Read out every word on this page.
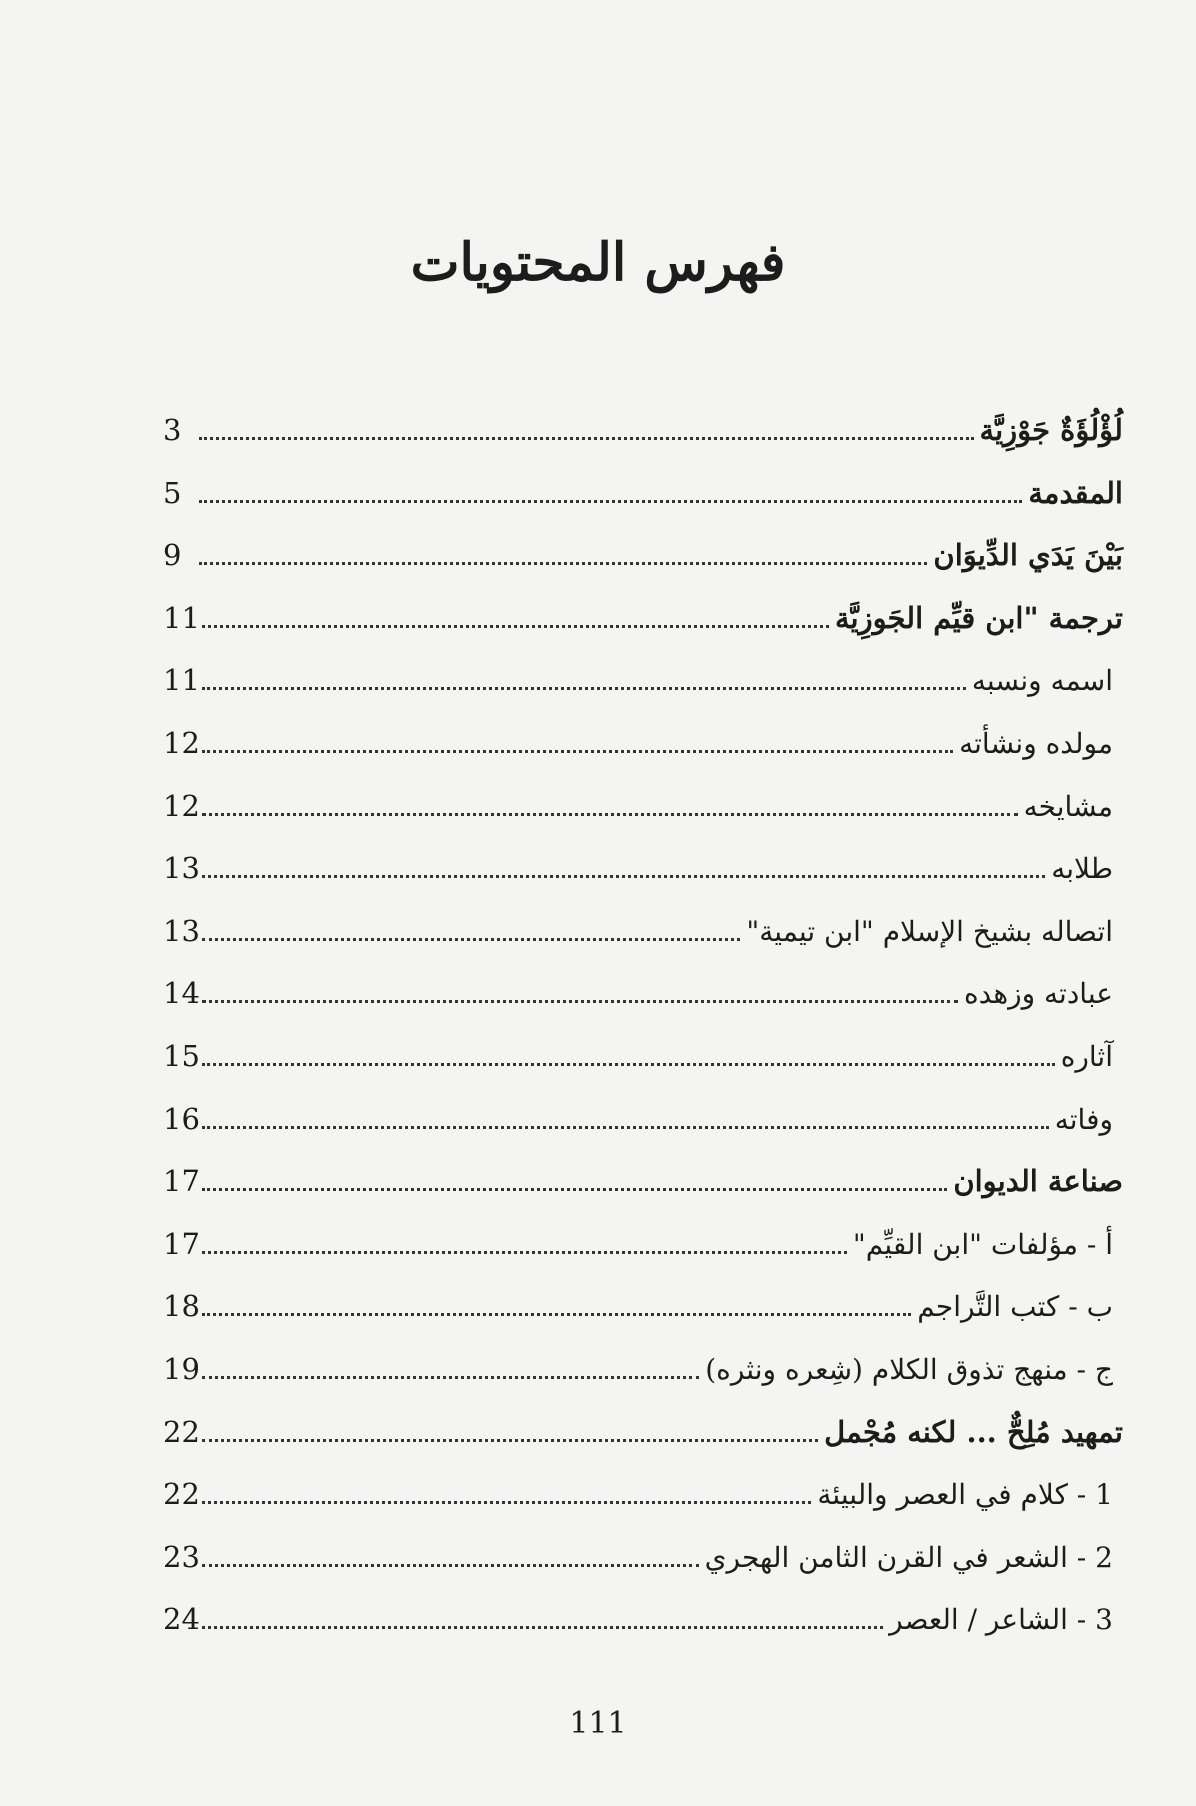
فهرس المحتويات
لُؤْلُؤَةٌ جَوْزِيَّة
3
المقدمة
5
بَيْنَ يَدَي الدِّيوَان
9
ترجمة "ابن قيِّم الجَوزِيَّة
11
اسمه ونسبه
11
مولده ونشأته
12
مشايخه
12
طلابه
13
اتصاله بشيخ الإسلام "ابن تيمية"
13
عبادته وزهده
14
آثاره
15
وفاته
16
صناعة الديوان
17
أ - مؤلفات "ابن القيِّم"
17
ب - كتب التَّراجم
18
ج - منهج تذوق الكلام (شِعره ونثره)
19
تمهيد مُلِحٌّ ... لكنه مُجْمل
22
1 - كلام في العصر والبيئة
22
2 - الشعر في القرن الثامن الهجري
23
3 - الشاعر / العصر
24
111
